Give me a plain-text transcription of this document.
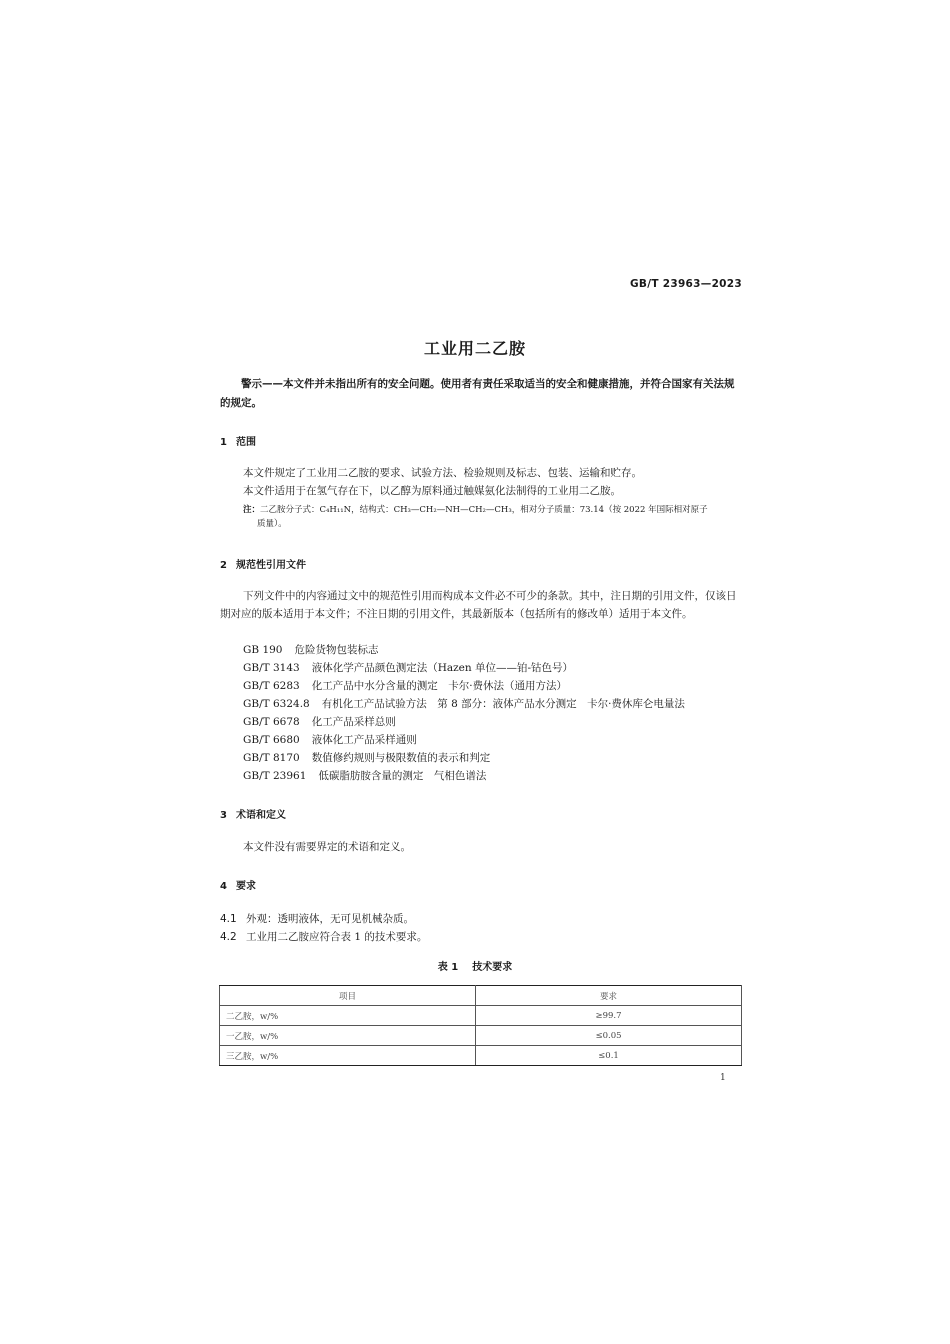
GB/T 23963—2023
工业用二乙胺

警示——本文件并未指出所有的安全问题。使用者有责任采取适当的安全和健康措施，并符合国家有关法规的规定。

1 范围

本文件规定了工业用二乙胺的要求、试验方法、检验规则及标志、包装、运输和贮存。

本文件适用于在氢气存在下，以乙醇为原料通过触媒氨化法制得的工业用二乙胺。

注：二乙胺分子式：C₄H₁₁N，结构式：CH₃—CH₂—NH—CH₂—CH₃，相对分子质量：73.14（按 2022 年国际相对原子
质量）。
2 规范性引用文件

下列文件中的内容通过文中的规范性引用而构成本文件必不可少的条款。其中，注日期的引用文件，仅该日期对应的版本适用于本文件；不注日期的引用文件，其最新版本（包括所有的修改单）适用于本文件。

GB 190 危险货物包装标志
GB/T 3143 液体化学产品颜色测定法（Hazen 单位——铂-钴色号）
GB/T 6283 化工产品中水分含量的测定　卡尔·费休法（通用方法）
GB/T 6324.8 有机化工产品试验方法　第 8 部分：液体产品水分测定　卡尔·费休库仑电量法
GB/T 6678 化工产品采样总则
GB/T 6680 液体化工产品采样通则
GB/T 8170 数值修约规则与极限数值的表示和判定
GB/T 23961 低碳脂肪胺含量的测定　气相色谱法
3 术语和定义

本文件没有需要界定的术语和定义。

4 要求
4.1 外观：透明液体，无可见机械杂质。
4.2 工业用二乙胺应符合表 1 的技术要求。
表 1 技术要求
项目	要求
二乙胺，w/%	≥99.7
一乙胺，w/%	≤0.05
三乙胺，w/%	≤0.1
1
